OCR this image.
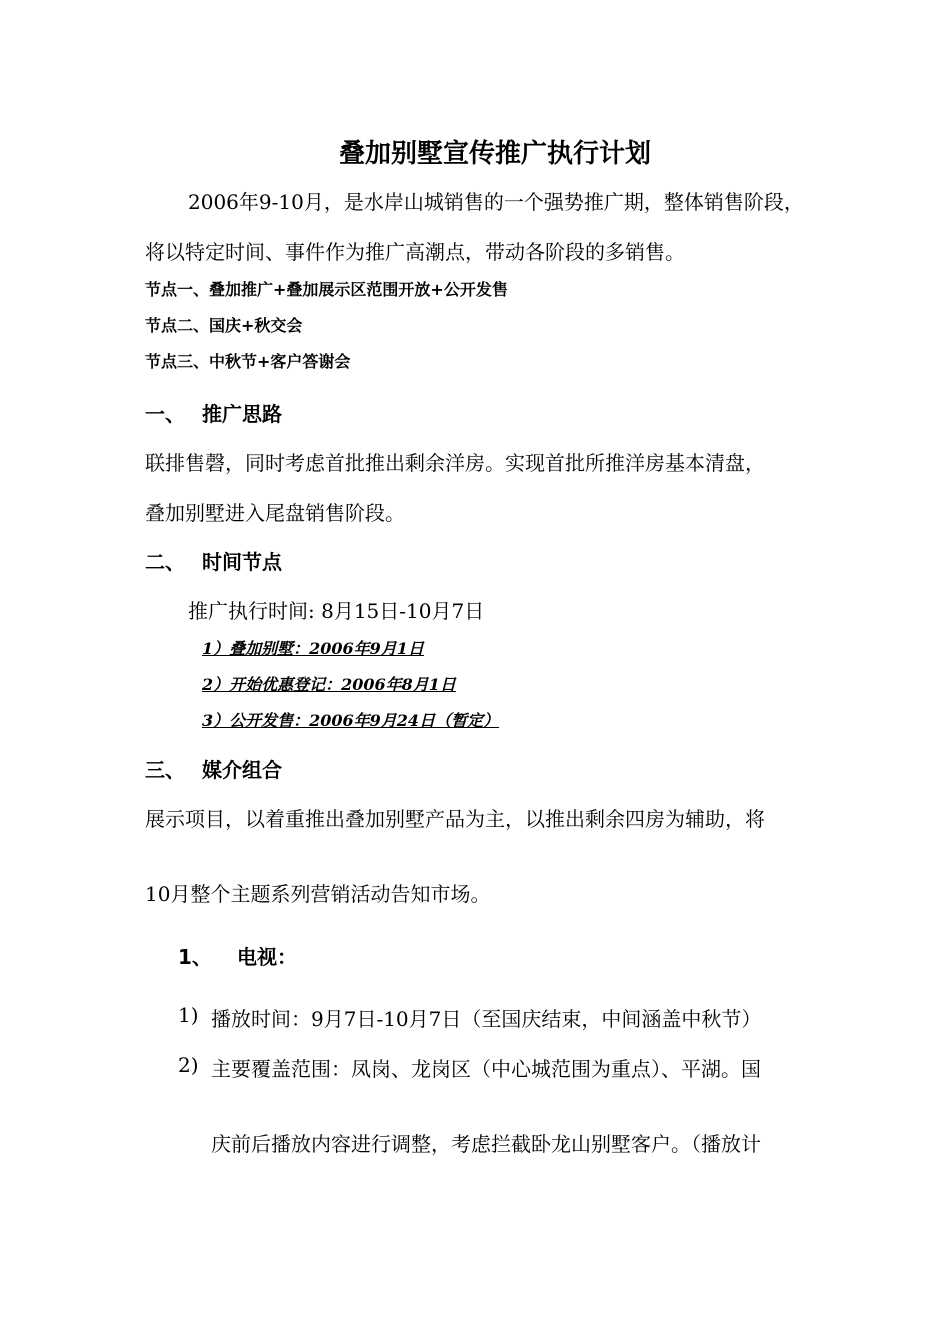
叠加别墅宣传推广执行计划
2006年9-10月，是水岸山城销售的一个强势推广期，整体销售阶段，
将以特定时间、事件作为推广高潮点，带动各阶段的多销售。
节点一、叠加推广+叠加展示区范围开放+公开发售
节点二、国庆+秋交会
节点三、中秋节+客户答谢会
一、 推广思路
联排售磬，同时考虑首批推出剩余洋房。实现首批所推洋房基本清盘，
叠加别墅进入尾盘销售阶段。
二、 时间节点
推广执行时间: 8月15日-10月7日
1）叠加别墅：2006年9月1日
2）开始优惠登记：2006年8月1日
3）公开发售：2006年9月24日（暂定）
三、 媒介组合
展示项目，以着重推出叠加别墅产品为主，以推出剩余四房为辅助，将
10月整个主题系列营销活动告知市场。
1、 电视：
1) 播放时间：9月7日-10月7日（至国庆结束，中间涵盖中秋节）
2) 主要覆盖范围：凤岗、龙岗区（中心城范围为重点）、平湖。国
庆前后播放内容进行调整，考虑拦截卧龙山别墅客户。（播放计
